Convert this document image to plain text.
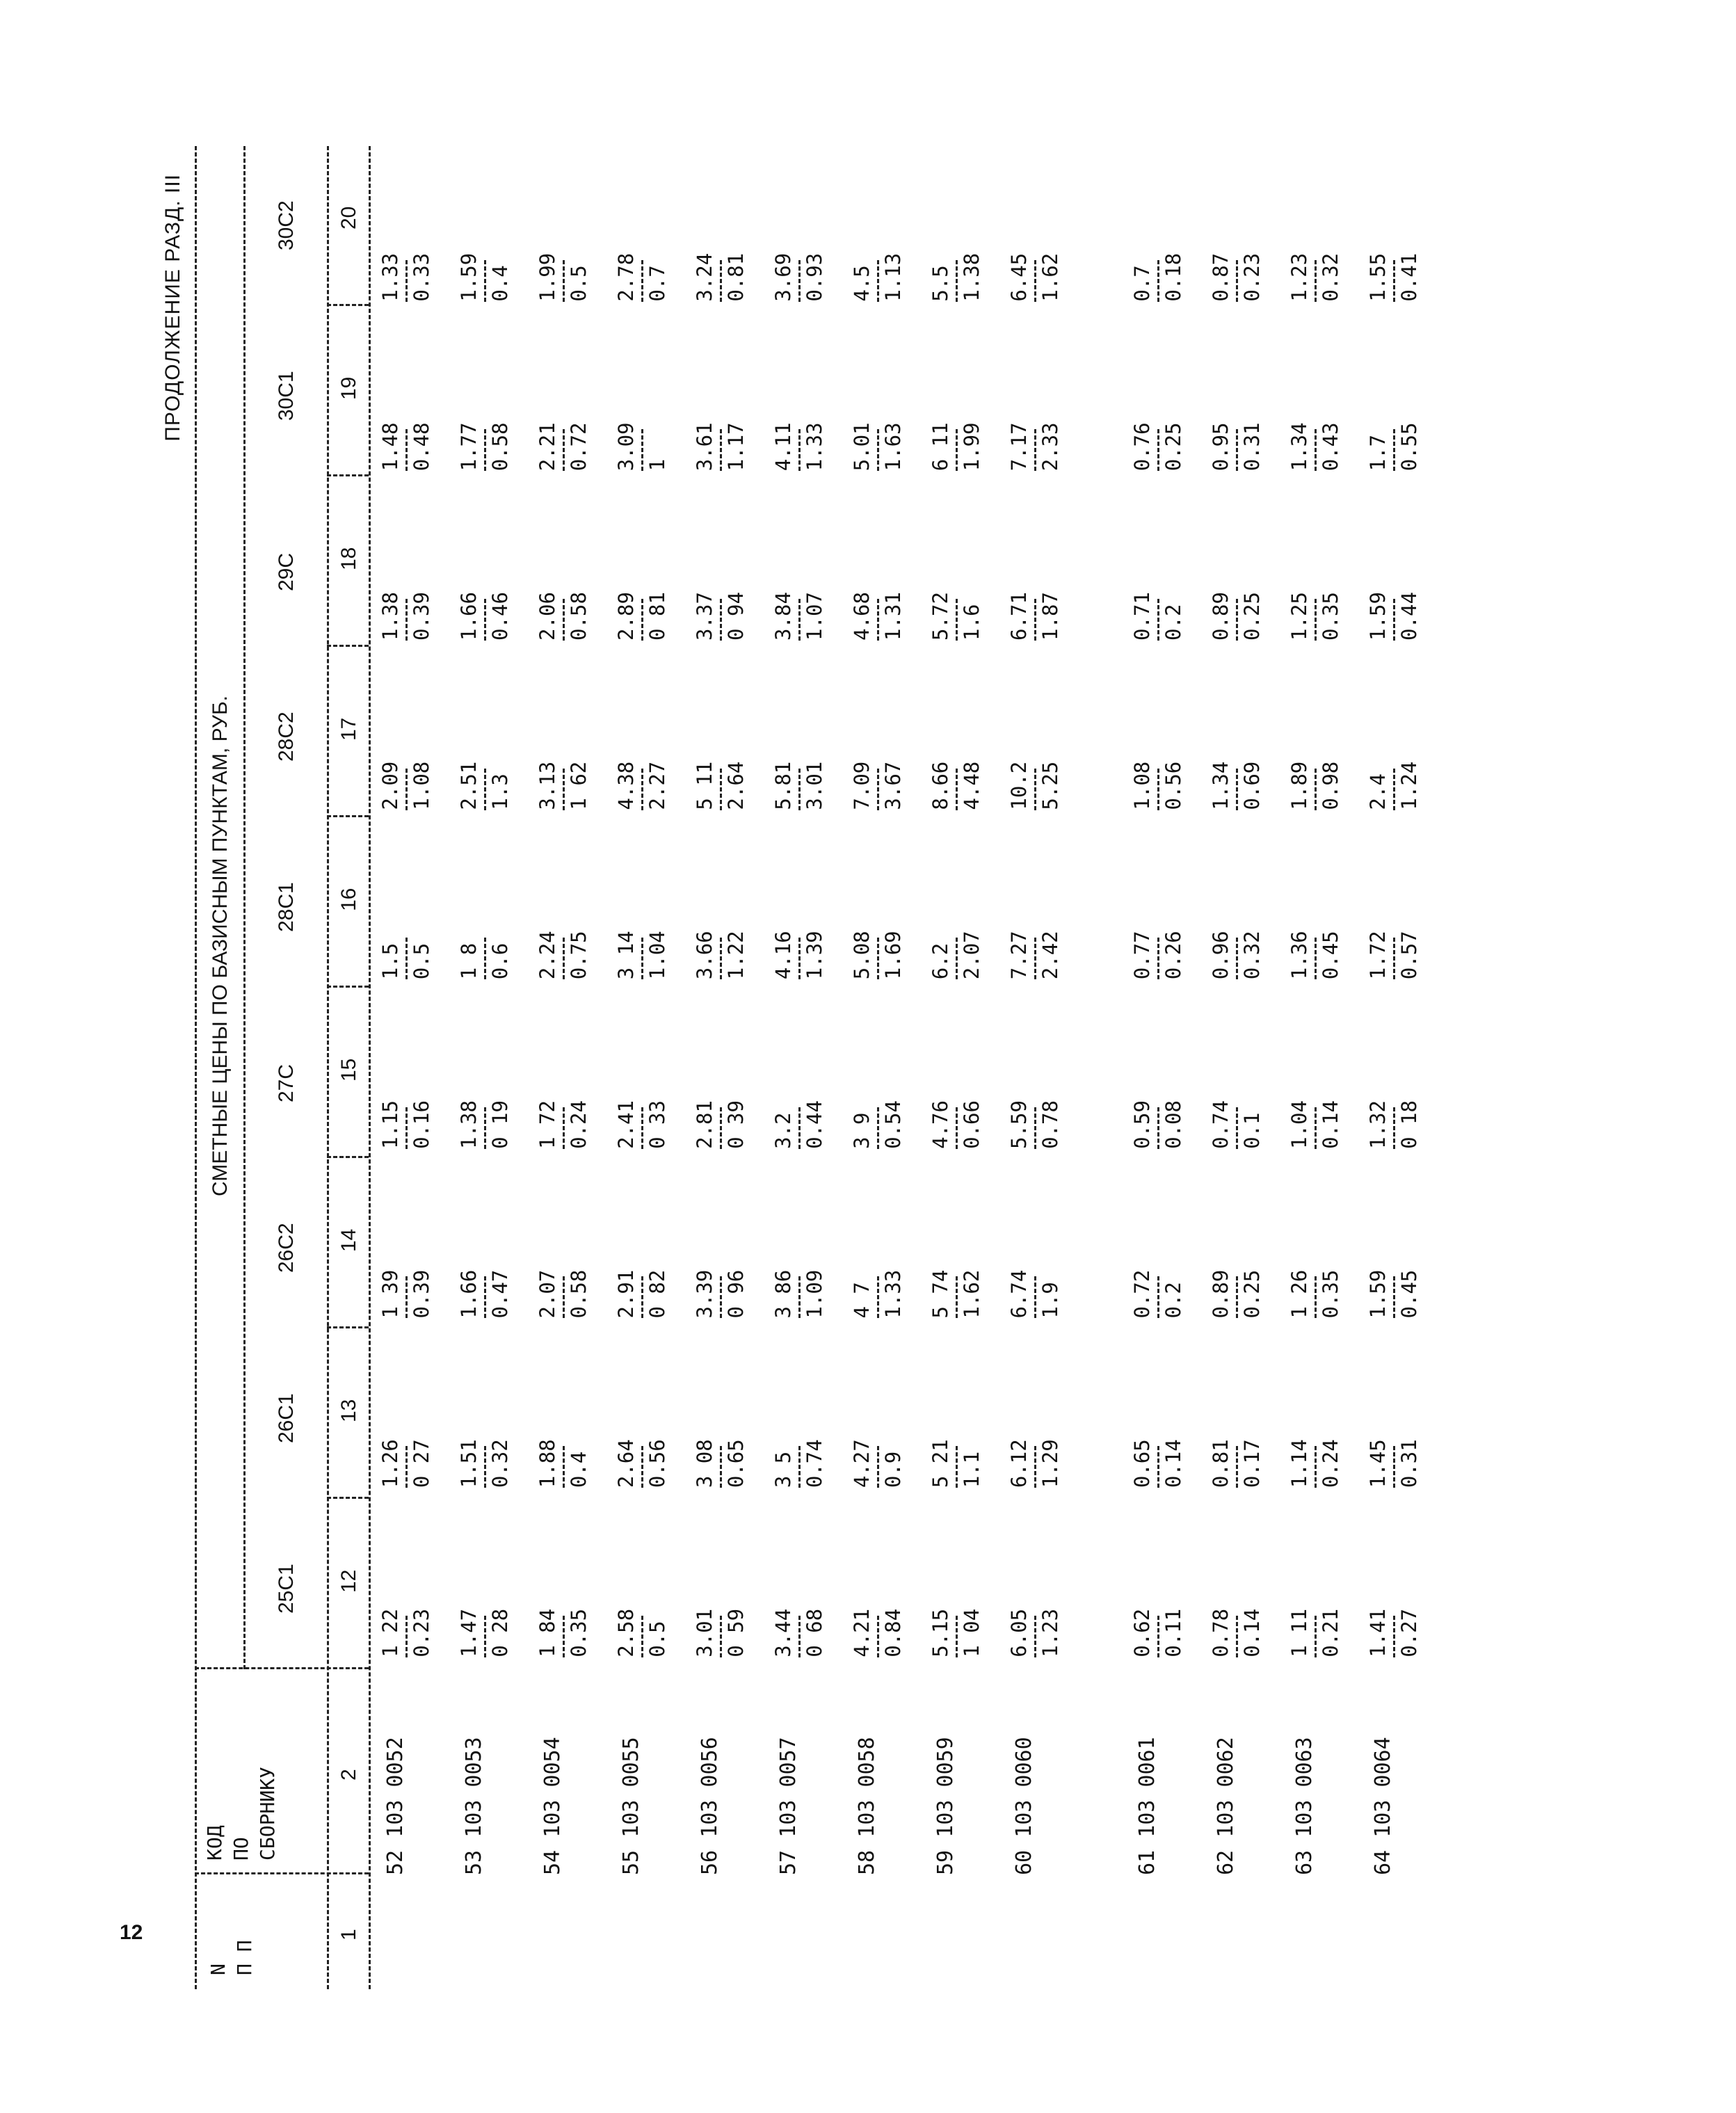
12
ПРОДОЛЖЕНИЕ РАЗД. III
N
П П
КОД
ПО
СБОРНИКУ
СМЕТНЫЕ ЦЕНЫ ПО БАЗИСНЫМ ПУНКТАМ, РУБ.
52 103 0052
1 22 0.23
1.26 0 27
1 39 0.39
1.15 0.16
1.5 0.5
2.09 1.08
1.38 0.39
1.48 0.48
1.33 0.33
53 103 0053
1.47 0 28
1.51 0.32
1.66 0.47
1.38 0 19
1 8 0.6
2.51 1.3
1.66 0.46
1.77 0.58
1.59 0.4
54 103 0054
1 84 0.35
1.88 0.4
2.07 0.58
1 72 0.24
2.24 0.75
3.13 1 62
2.06 0.58
2.21 0.72
1.99 0.5
55 103 0055
2.58 0.5
2.64 0.56
2.91 0 82
2.41 0 33
3 14 1.04
4.38 2.27
2.89 0 81
3.09 1
2.78 0.7
56 103 0056
3.01 0 59
3 08 0.65
3.39 0 96
2.81 0 39
3.66 1.22
5 11 2.64
3.37 0 94
3.61 1.17
3.24 0.81
57 103 0057
3.44 0 68
3 5 0.74
3 86 1.09
3.2 0.44
4.16 1.39
5.81 3.01
3.84 1.07
4.11 1.33
3.69 0.93
58 103 0058
4.21 0.84
4.27 0.9
4 7 1.33
3 9 0.54
5.08 1.69
7.09 3.67
4.68 1.31
5.01 1.63
4.5 1.13
59 103 0059
5.15 1 04
5 21 1.1
5 74 1.62
4.76 0.66
6.2 2.07
8.66 4.48
5.72 1.6
6 11 1.99
5.5 1.38
60 103 0060
6.05 1.23
6.12 1.29
6.74 1.9
5.59 0.78
7.27 2.42
10.2 5.25
6.71 1.87
7.17 2.33
6.45 1.62
61 103 0061
0.62 0.11
0.65 0.14
0.72 0.2
0.59 0.08
0.77 0.26
1.08 0.56
0.71 0.2
0.76 0.25
0.7 0.18
62 103 0062
0.78 0.14
0.81 0.17
0.89 0.25
0.74 0.1
0.96 0.32
1.34 0.69
0.89 0.25
0.95 0.31
0.87 0.23
63 103 0063
1 11 0.21
1.14 0.24
1 26 0.35
1.04 0.14
1.36 0.45
1.89 0.98
1.25 0.35
1.34 0.43
1.23 0.32
64 103 0064
1.41 0.27
1.45 0.31
1.59 0.45
1.32 0 18
1.72 0.57
2.4 1.24
1.59 0.44
1.7 0.55
1.55 0.41
25С1
26С1
26С2
27С
28С1
28С2
29С
30С1
30С2
1
2
12
13
14
15
16
17
18
19
20
